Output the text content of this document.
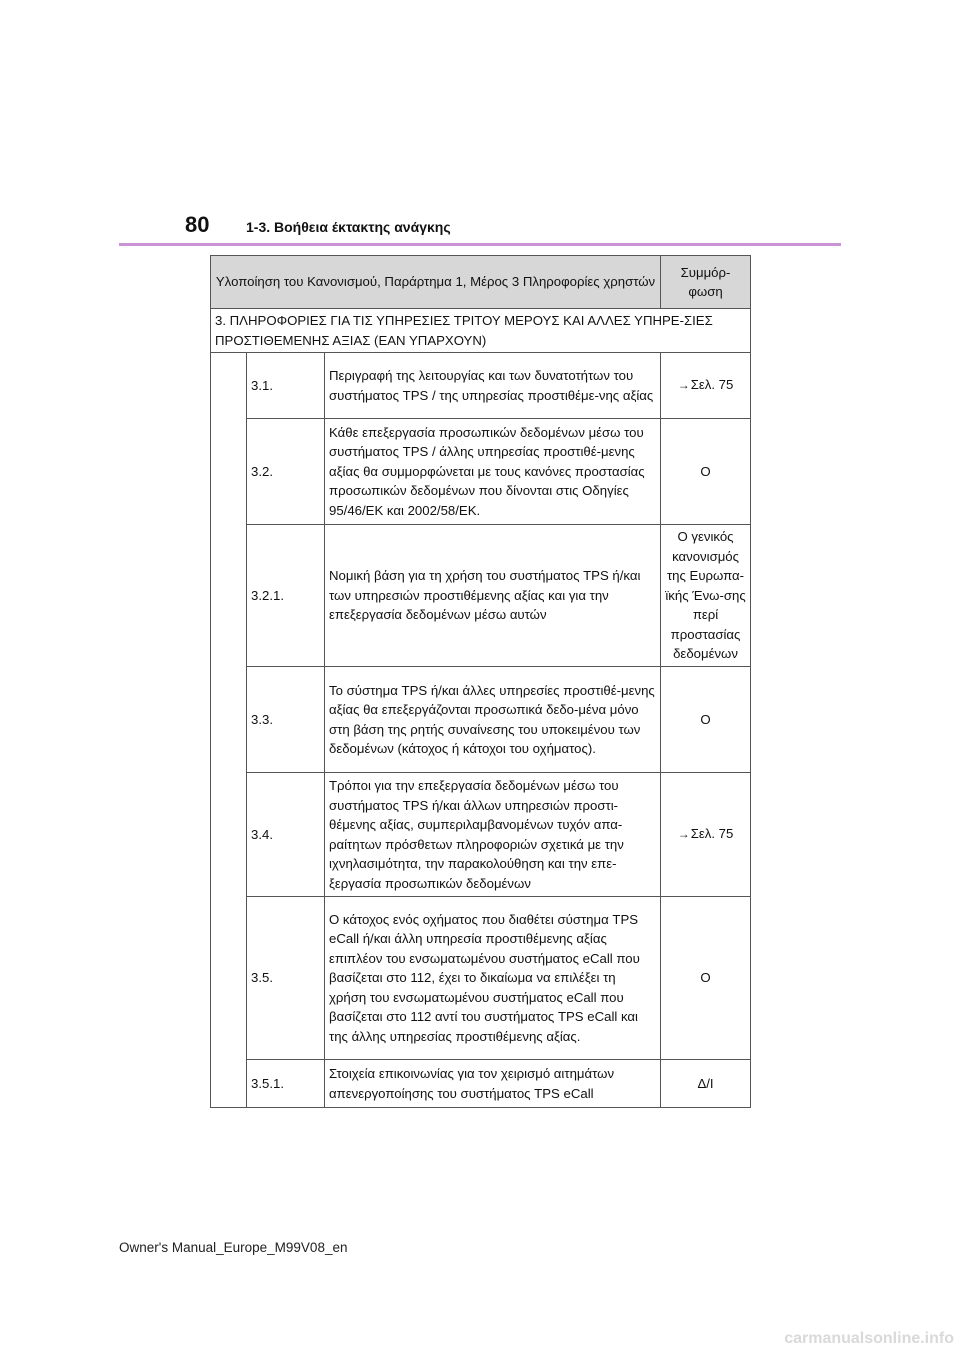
80	1-3. Βοήθεια έκτακτης ανάγκης
Υλοποίηση του Κανονισμού, Παράρτημα 1, Μέρος 3 Πληροφορίες χρηστών			Συμμόρ-φωση
3. ΠΛΗΡΟΦΟΡΙΕΣ ΓΙΑ ΤΙΣ ΥΠΗΡΕΣΙΕΣ ΤΡΙΤΟΥ ΜΕΡΟΥΣ ΚΑΙ ΑΛΛΕΣ ΥΠΗΡΕ-ΣΙΕΣ ΠΡΟΣΤΙΘΕΜΕΝΗΣ ΑΞΙΑΣ (ΕΑΝ ΥΠΑΡΧΟΥΝ)			
	3.1.	Περιγραφή της λειτουργίας και των δυνατοτήτων του συστήματος TPS / της υπηρεσίας προστιθέμε-νης αξίας	→Σελ. 75
	3.2.	Κάθε επεξεργασία προσωπικών δεδομένων μέσω του συστήματος TPS / άλλης υπηρεσίας προστιθέ-μενης αξίας θα συμμορφώνεται με τους κανόνες προστασίας προσωπικών δεδομένων που δίνονται στις Οδηγίες 95/46/ΕΚ και 2002/58/ΕΚ.	Ο
	3.2.1.	Νομική βάση για τη χρήση του συστήματος TPS ή/και των υπηρεσιών προστιθέμενης αξίας και για την επεξεργασία δεδομένων μέσω αυτών	Ο γενικός κανονισμός της Ευρωπα-ϊκής Ένω-σης περί προστασίας δεδομένων
	3.3.	Το σύστημα TPS ή/και άλλες υπηρεσίες προστιθέ-μενης αξίας θα επεξεργάζονται προσωπικά δεδο-μένα μόνο στη βάση της ρητής συναίνεσης του υποκειμένου των δεδομένων (κάτοχος ή κάτοχοι του οχήματος).	Ο
	3.4.	Τρόποι για την επεξεργασία δεδομένων μέσω του συστήματος TPS ή/και άλλων υπηρεσιών προστι-θέμενης αξίας, συμπεριλαμβανομένων τυχόν απα-ραίτητων πρόσθετων πληροφοριών σχετικά με την ιχνηλασιμότητα, την παρακολούθηση και την επε-ξεργασία προσωπικών δεδομένων	→Σελ. 75
	3.5.	Ο κάτοχος ενός οχήματος που διαθέτει σύστημα TPS eCall ή/και άλλη υπηρεσία προστιθέμενης αξίας επιπλέον του ενσωματωμένου συστήματος eCall που βασίζεται στο 112, έχει το δικαίωμα να επιλέξει τη χρήση του ενσωματωμένου συστήματος eCall που βασίζεται στο 112 αντί του συστήματος TPS eCall και της άλλης υπηρεσίας προστιθέμενης αξίας.	Ο
	3.5.1.	Στοιχεία επικοινωνίας για τον χειρισμό αιτημάτων απενεργοποίησης του συστήματος TPS eCall	Δ/Ι
Owner's Manual_Europe_M99V08_en
carmanualsonline.info
